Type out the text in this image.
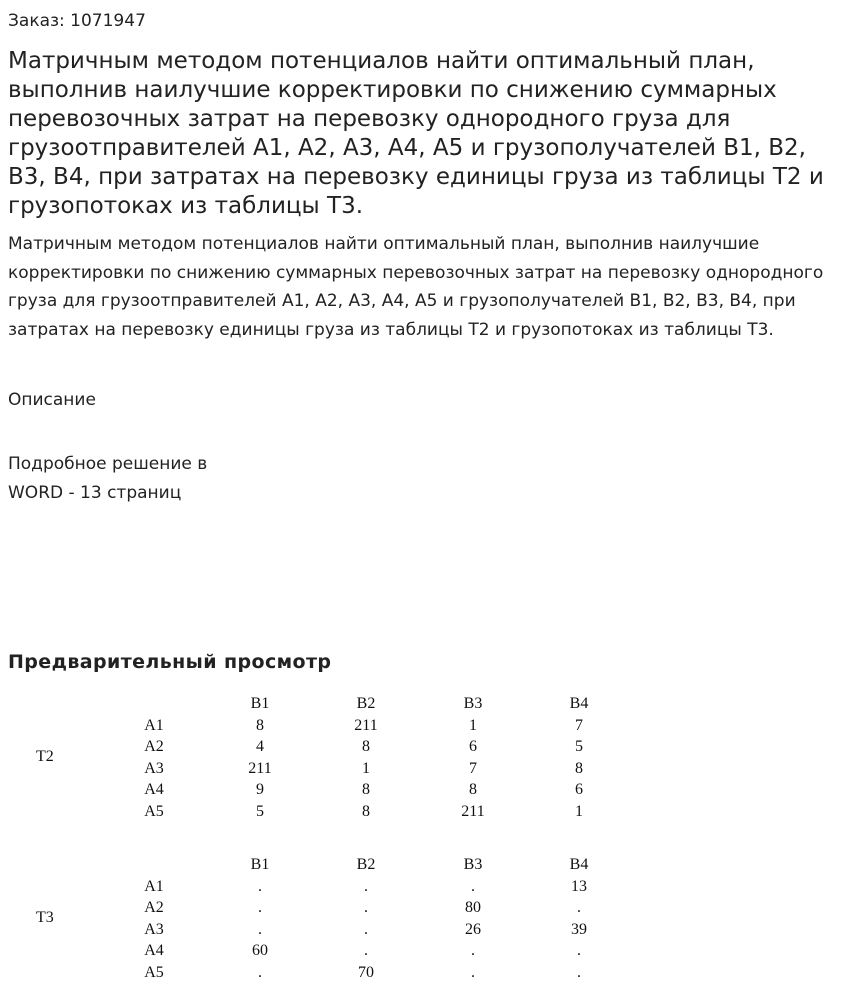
Заказ: 1071947
Матричным методом потенциалов найти оптимальный план, выполнив наилучшие корректировки по снижению суммарных перевозочных затрат на перевозку однородного груза для грузоотправителей A1, A2, A3, A4, A5 и грузополучателей B1, B2, B3, B4, при затратах на перевозку единицы груза из таблицы T2 и грузопотоках из таблицы T3.

Матричным методом потенциалов найти оптимальный план, выполнив наилучшие корректировки по снижению суммарных перевозочных затрат на перевозку однородного груза для грузоотправителей A1, A2, A3, A4, A5 и грузополучателей B1, B2, B3, B4, при затратах на перевозку единицы груза из таблицы T2 и грузопотоках из таблицы T3.

Описание
Подробное решение в
WORD - 13 страниц
Предварительный просмотр
T2
B1	B2	B3	B4
A1	8	211	1	7
A2	4	8	6	5
A3	211	1	7	8
A4	9	8	8	6
A5	5	8	211	1
T3
B1	B2	B3	B4
A1	.	.	.	13
A2	.	.	80	.
A3	.	.	26	39
A4	60	.	.	.
A5	.	70	.	.
